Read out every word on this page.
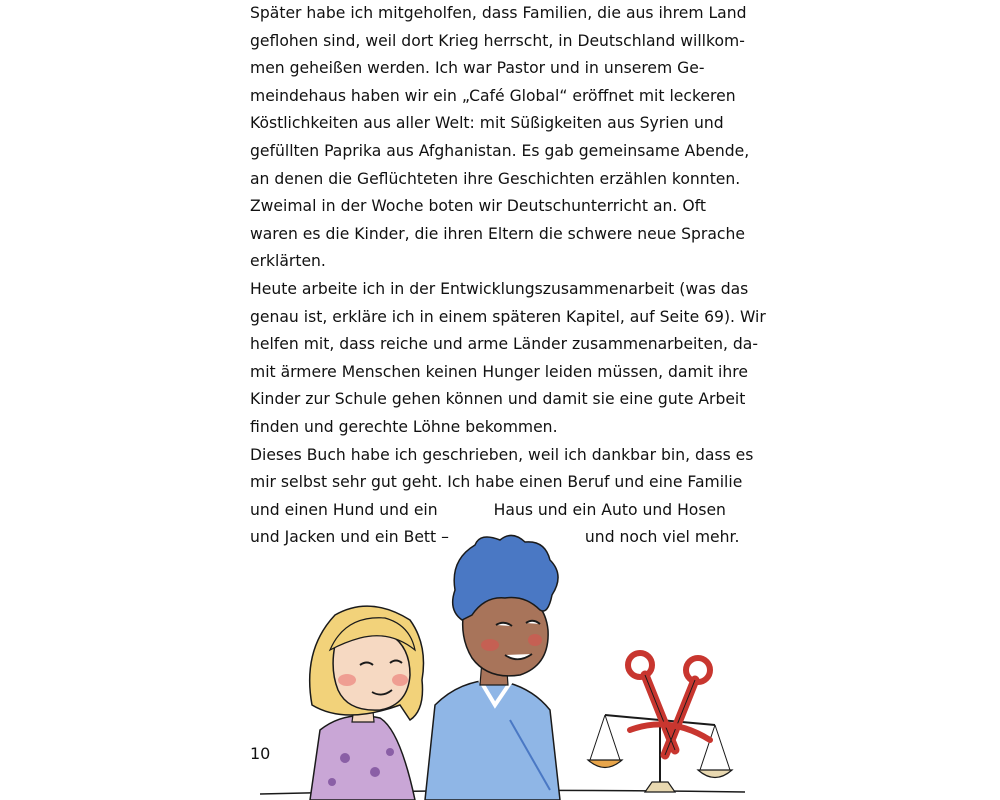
Später habe ich mitgeholfen, dass Familien, die aus ihrem Land
geflohen sind, weil dort Krieg herrscht, in Deutschland willkom-
men geheißen werden. Ich war Pastor und in unserem Ge-
meindehaus haben wir ein „Café Global“ eröffnet mit leckeren
Köstlichkeiten aus aller Welt: mit Süßigkeiten aus Syrien und
gefüllten Paprika aus Afghanistan. Es gab gemeinsame Abende,
an denen die Geflüchteten ihre Geschichten erzählen konnten.
Zweimal in der Woche boten wir Deutschunterricht an. Oft
waren es die Kinder, die ihren Eltern die schwere neue Sprache
erklärten.
Heute arbeite ich in der Entwicklungszusammenarbeit (was das
genau ist, erkläre ich in einem späteren Kapitel, auf Seite 69). Wir
helfen mit, dass reiche und arme Länder zusammenarbeiten, da-
mit ärmere Menschen keinen Hunger leiden müssen, damit ihre
Kinder zur Schule gehen können und damit sie eine gute Arbeit
finden und gerechte Löhne bekommen.
Dieses Buch habe ich geschrieben, weil ich dankbar bin, dass es
mir selbst sehr gut geht. Ich habe einen Beruf und eine Familie
und einen Hund und ein	Haus und ein Auto und Hosen
und Jacken und ein Bett –	und noch viel mehr.
10
